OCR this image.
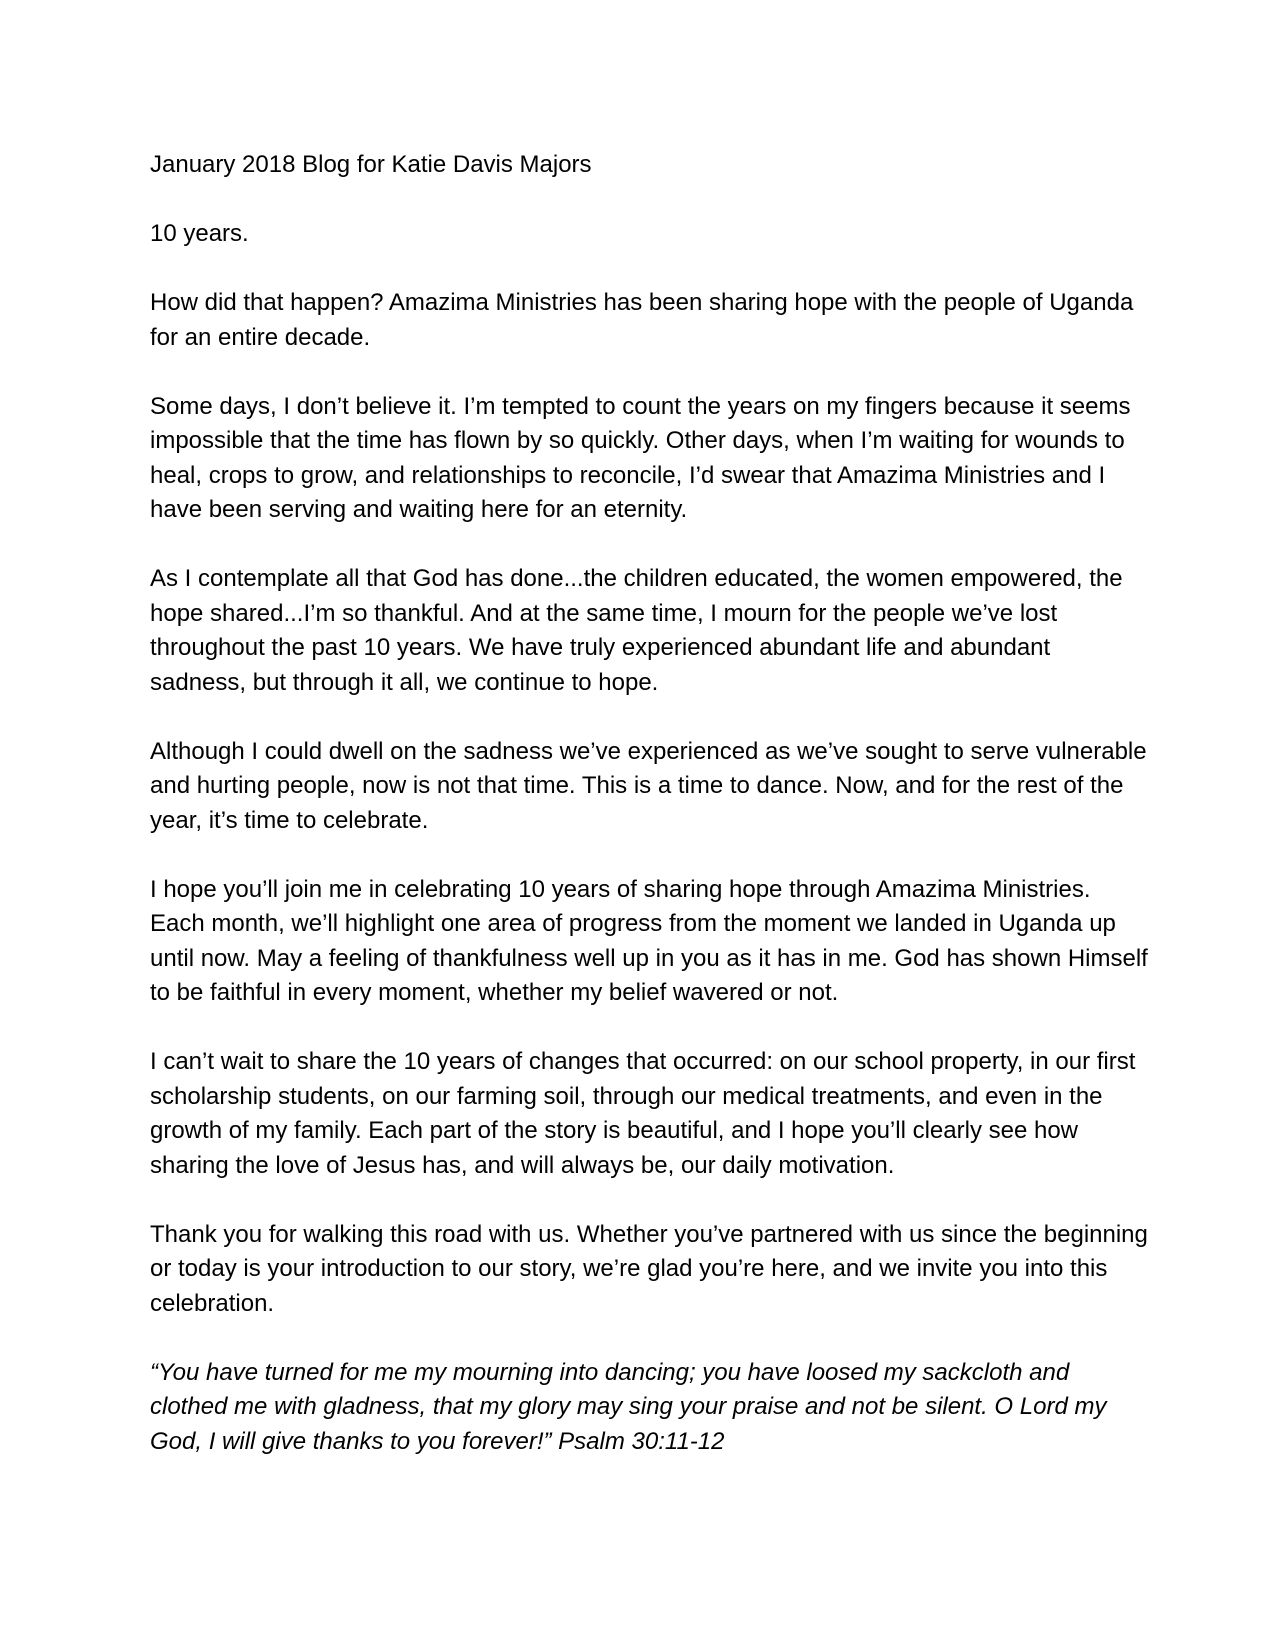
January 2018 Blog for Katie Davis Majors

10 years.

How did that happen? Amazima Ministries has been sharing hope with the people of Uganda for an entire decade.

Some days, I don’t believe it. I’m tempted to count the years on my fingers because it seems impossible that the time has flown by so quickly. Other days, when I’m waiting for wounds to heal, crops to grow, and relationships to reconcile, I’d swear that Amazima Ministries and I have been serving and waiting here for an eternity.

As I contemplate all that God has done...the children educated, the women empowered, the hope shared...I’m so thankful. And at the same time, I mourn for the people we’ve lost throughout the past 10 years. We have truly experienced abundant life and abundant sadness, but through it all, we continue to hope.

Although I could dwell on the sadness we’ve experienced as we’ve sought to serve vulnerable and hurting people, now is not that time. This is a time to dance. Now, and for the rest of the year, it’s time to celebrate.

I hope you’ll join me in celebrating 10 years of sharing hope through Amazima Ministries. Each month, we’ll highlight one area of progress from the moment we landed in Uganda up until now. May a feeling of thankfulness well up in you as it has in me. God has shown Himself to be faithful in every moment, whether my belief wavered or not.

I can’t wait to share the 10 years of changes that occurred: on our school property, in our first scholarship students, on our farming soil, through our medical treatments, and even in the growth of my family. Each part of the story is beautiful, and I hope you’ll clearly see how sharing the love of Jesus has, and will always be, our daily motivation.

Thank you for walking this road with us. Whether you’ve partnered with us since the beginning or today is your introduction to our story, we’re glad you’re here, and we invite you into this celebration.

“You have turned for me my mourning into dancing; you have loosed my sackcloth and clothed me with gladness, that my glory may sing your praise and not be silent. O Lord my God, I will give thanks to you forever!” Psalm 30:11-12
